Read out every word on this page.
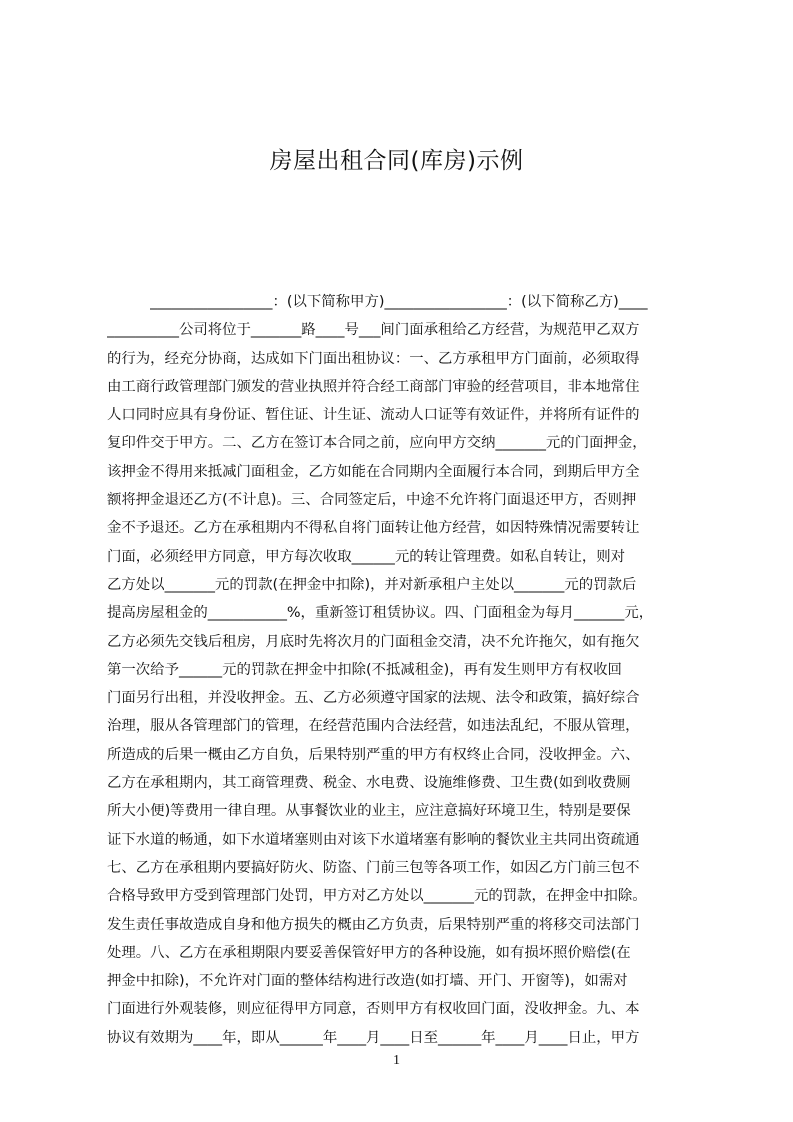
房屋出租合同(库房)示例
　　　_________________：(以下简称甲方)_________________：(以下简称乙方)____
__________公司将位于_______路____号___间门面承租给乙方经营，为规范甲乙双方
的行为，经充分协商，达成如下门面出租协议：一、乙方承租甲方门面前，必须取得
由工商行政管理部门颁发的营业执照并符合经工商部门审验的经营项目，非本地常住
人口同时应具有身份证、暂住证、计生证、流动人口证等有效证件，并将所有证件的
复印件交于甲方。二、乙方在签订本合同之前，应向甲方交纳_______元的门面押金，
该押金不得用来抵减门面租金，乙方如能在合同期内全面履行本合同，到期后甲方全
额将押金退还乙方(不计息)。三、合同签定后，中途不允许将门面退还甲方，否则押
金不予退还。乙方在承租期内不得私自将门面转让他方经营，如因特殊情况需要转让
门面，必须经甲方同意，甲方每次收取______元的转让管理费。如私自转让，则对
乙方处以_______元的罚款(在押金中扣除)，并对新承租户主处以_______元的罚款后
提高房屋租金的___________%，重新签订租赁协议。四、门面租金为每月_______元，
乙方必须先交钱后租房，月底时先将次月的门面租金交清，决不允许拖欠，如有拖欠
第一次给予______元的罚款在押金中扣除(不抵减租金)，再有发生则甲方有权收回
门面另行出租，并没收押金。五、乙方必须遵守国家的法规、法令和政策，搞好综合
治理，服从各管理部门的管理，在经营范围内合法经营，如违法乱纪，不服从管理，
所造成的后果一概由乙方自负，后果特别严重的甲方有权终止合同，没收押金。六、
乙方在承租期内，其工商管理费、税金、水电费、设施维修费、卫生费(如到收费厕
所大小便)等费用一律自理。从事餐饮业的业主，应注意搞好环境卫生，特别是要保
证下水道的畅通，如下水道堵塞则由对该下水道堵塞有影响的餐饮业主共同出资疏通
七、乙方在承租期内要搞好防火、防盗、门前三包等各项工作，如因乙方门前三包不
合格导致甲方受到管理部门处罚，甲方对乙方处以_______元的罚款，在押金中扣除。
发生责任事故造成自身和他方损失的概由乙方负责，后果特别严重的将移交司法部门
处理。八、乙方在承租期限内要妥善保管好甲方的各种设施，如有损坏照价赔偿(在
押金中扣除)，不允许对门面的整体结构进行改造(如打墙、开门、开窗等)，如需对
门面进行外观装修，则应征得甲方同意，否则甲方有权收回门面，没收押金。九、本
协议有效期为____年，即从______年____月____日至______年____月____日止，甲方
1
